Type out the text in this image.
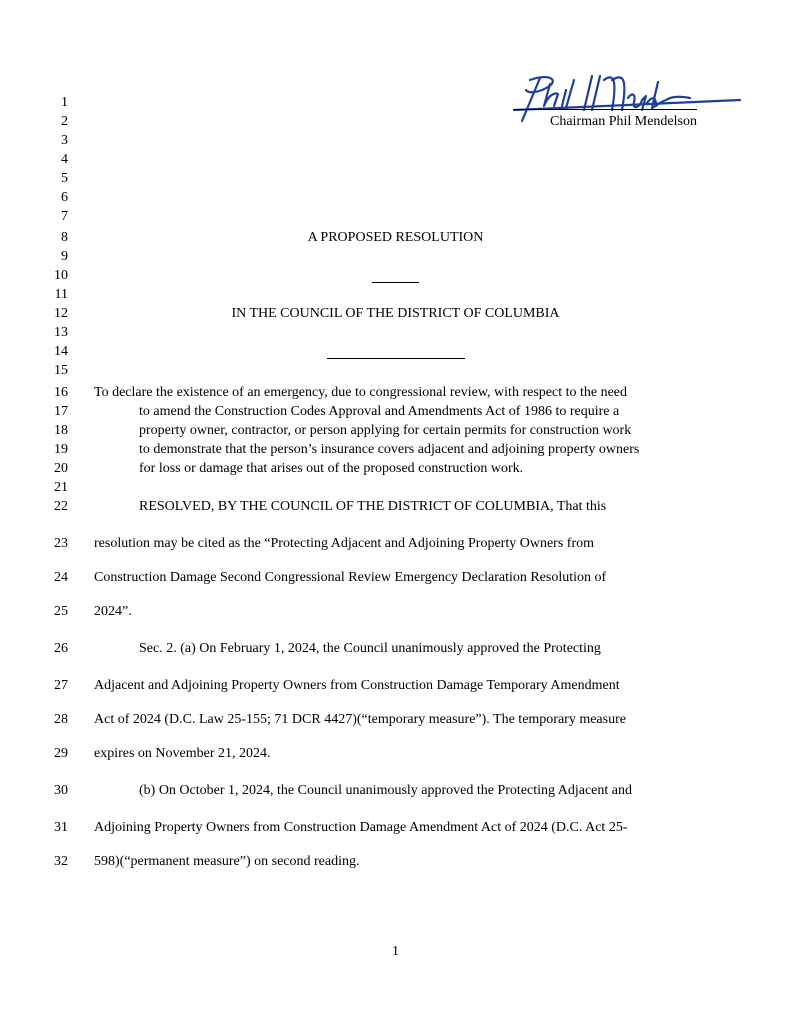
Chairman Phil Mendelson
1
2
3
4
5
6
7
8
9
10
11
12
13
14
15
16
17
18
19
20
21
22
23
24
25
26
27
28
29
30
31
32
A PROPOSED RESOLUTION
IN THE COUNCIL OF THE DISTRICT OF COLUMBIA
To declare the existence of an emergency, due to congressional review, with respect to the need
to amend the Construction Codes Approval and Amendments Act of 1986 to require a
property owner, contractor, or person applying for certain permits for construction work
to demonstrate that the person’s insurance covers adjacent and adjoining property owners
for loss or damage that arises out of the proposed construction work.
RESOLVED, BY THE COUNCIL OF THE DISTRICT OF COLUMBIA, That this
resolution may be cited as the “Protecting Adjacent and Adjoining Property Owners from
Construction Damage Second Congressional Review Emergency Declaration Resolution of
2024”.
Sec. 2. (a) On February 1, 2024, the Council unanimously approved the Protecting
Adjacent and Adjoining Property Owners from Construction Damage Temporary Amendment
Act of 2024 (D.C. Law 25-155; 71 DCR 4427)(“temporary measure”). The temporary measure
expires on November 21, 2024.
(b) On October 1, 2024, the Council unanimously approved the Protecting Adjacent and
Adjoining Property Owners from Construction Damage Amendment Act of 2024 (D.C. Act 25-
598)(“permanent measure”) on second reading.
1
